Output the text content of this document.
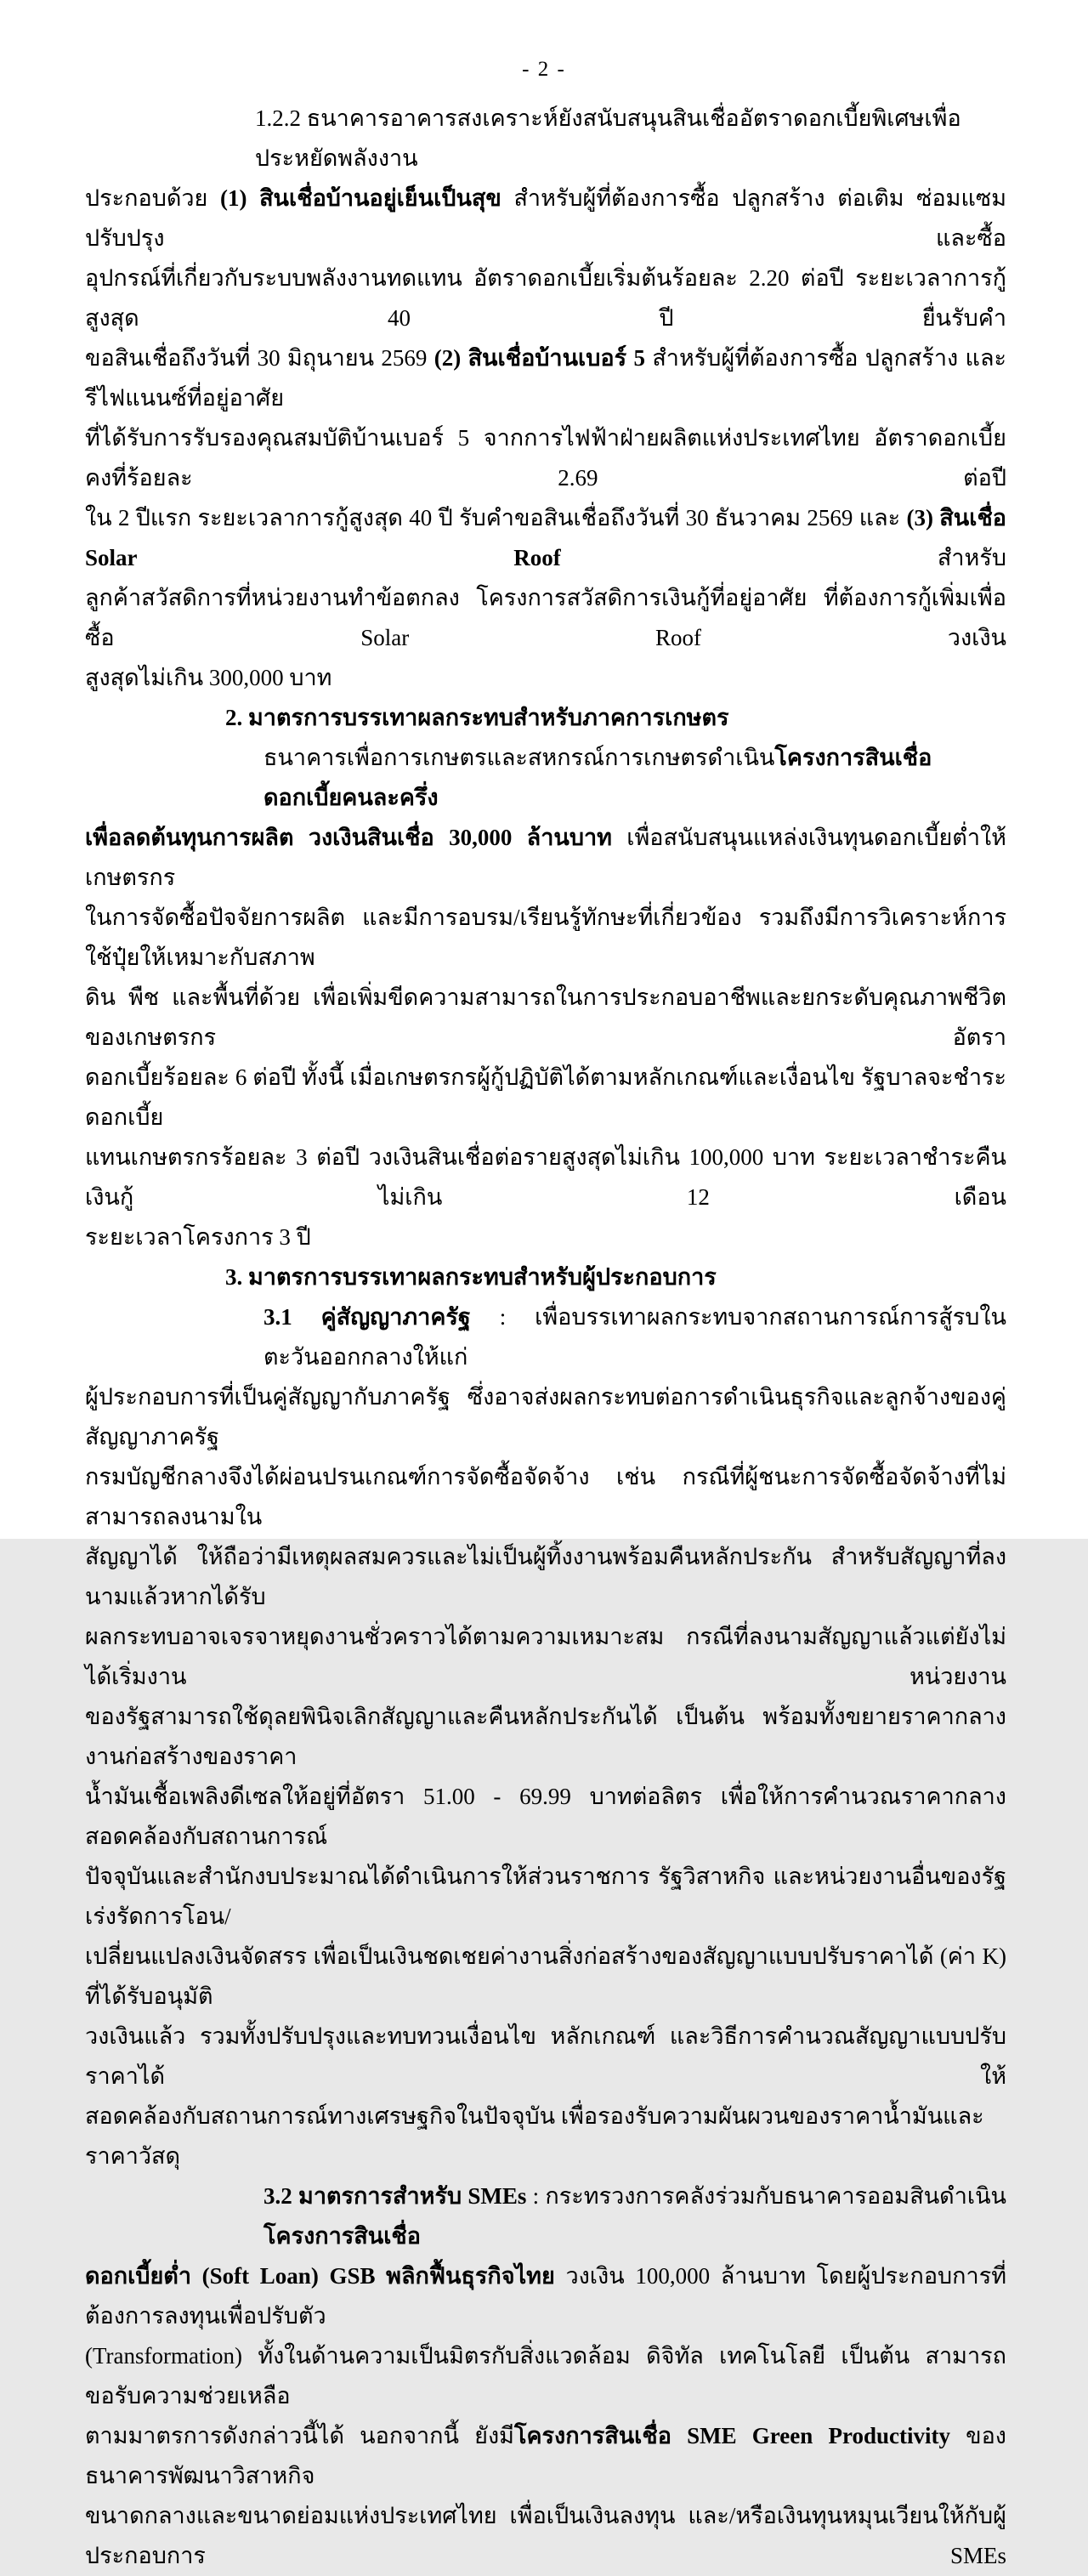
- 2 -
1.2.2 ธนาคารอาคารสงเคราะห์ยังสนับสนุนสินเชื่ออัตราดอกเบี้ยพิเศษเพื่อประหยัดพลังงาน
ประกอบด้วย (1) สินเชื่อบ้านอยู่เย็นเป็นสุข สำหรับผู้ที่ต้องการซื้อ ปลูกสร้าง ต่อเติม ซ่อมแซม ปรับปรุง และซื้อ
อุปกรณ์ที่เกี่ยวกับระบบพลังงานทดแทน อัตราดอกเบี้ยเริ่มต้นร้อยละ 2.20 ต่อปี ระยะเวลาการกู้สูงสุด 40 ปี ยื่นรับคำ
ขอสินเชื่อถึงวันที่ 30 มิถุนายน 2569 (2) สินเชื่อบ้านเบอร์ 5 สำหรับผู้ที่ต้องการซื้อ ปลูกสร้าง และรีไฟแนนซ์ที่อยู่อาศัย
ที่ได้รับการรับรองคุณสมบัติบ้านเบอร์ 5 จากการไฟฟ้าฝ่ายผลิตแห่งประเทศไทย อัตราดอกเบี้ยคงที่ร้อยละ 2.69 ต่อปี
ใน 2 ปีแรก ระยะเวลาการกู้สูงสุด 40 ปี รับคำขอสินเชื่อถึงวันที่ 30 ธันวาคม 2569 และ (3) สินเชื่อ Solar Roof สำหรับ
ลูกค้าสวัสดิการที่หน่วยงานทำข้อตกลง โครงการสวัสดิการเงินกู้ที่อยู่อาศัย ที่ต้องการกู้เพิ่มเพื่อซื้อ Solar Roof วงเงิน
สูงสุดไม่เกิน 300,000 บาท
2. มาตรการบรรเทาผลกระทบสำหรับภาคการเกษตร
ธนาคารเพื่อการเกษตรและสหกรณ์การเกษตรดำเนินโครงการสินเชื่อดอกเบี้ยคนละครึ่ง
เพื่อลดต้นทุนการผลิต วงเงินสินเชื่อ 30,000 ล้านบาท เพื่อสนับสนุนแหล่งเงินทุนดอกเบี้ยต่ำให้เกษตรกร
ในการจัดซื้อปัจจัยการผลิต และมีการอบรม/เรียนรู้ทักษะที่เกี่ยวข้อง รวมถึงมีการวิเคราะห์การใช้ปุ๋ยให้เหมาะกับสภาพ
ดิน พืช และพื้นที่ด้วย เพื่อเพิ่มขีดความสามารถในการประกอบอาชีพและยกระดับคุณภาพชีวิตของเกษตรกร อัตรา
ดอกเบี้ยร้อยละ 6 ต่อปี ทั้งนี้ เมื่อเกษตรกรผู้กู้ปฏิบัติได้ตามหลักเกณฑ์และเงื่อนไข รัฐบาลจะชำระดอกเบี้ย
แทนเกษตรกรร้อยละ 3 ต่อปี วงเงินสินเชื่อต่อรายสูงสุดไม่เกิน 100,000 บาท ระยะเวลาชำระคืนเงินกู้ ไม่เกิน 12 เดือน
ระยะเวลาโครงการ 3 ปี
3. มาตรการบรรเทาผลกระทบสำหรับผู้ประกอบการ
3.1 คู่สัญญาภาครัฐ : เพื่อบรรเทาผลกระทบจากสถานการณ์การสู้รบในตะวันออกกลางให้แก่
ผู้ประกอบการที่เป็นคู่สัญญากับภาครัฐ ซึ่งอาจส่งผลกระทบต่อการดำเนินธุรกิจและลูกจ้างของคู่สัญญาภาครัฐ
กรมบัญชีกลางจึงได้ผ่อนปรนเกณฑ์การจัดซื้อจัดจ้าง เช่น กรณีที่ผู้ชนะการจัดซื้อจัดจ้างที่ไม่สามารถลงนามใน
สัญญาได้ ให้ถือว่ามีเหตุผลสมควรและไม่เป็นผู้ทิ้งงานพร้อมคืนหลักประกัน สำหรับสัญญาที่ลงนามแล้วหากได้รับ
ผลกระทบอาจเจรจาหยุดงานชั่วคราวได้ตามความเหมาะสม กรณีที่ลงนามสัญญาแล้วแต่ยังไม่ได้เริ่มงาน หน่วยงาน
ของรัฐสามารถใช้ดุลยพินิจเลิกสัญญาและคืนหลักประกันได้ เป็นต้น พร้อมทั้งขยายราคากลางงานก่อสร้างของราคา
น้ำมันเชื้อเพลิงดีเซลให้อยู่ที่อัตรา 51.00 - 69.99 บาทต่อลิตร เพื่อให้การคำนวณราคากลางสอดคล้องกับสถานการณ์
ปัจจุบันและสำนักงบประมาณได้ดำเนินการให้ส่วนราชการ รัฐวิสาหกิจ และหน่วยงานอื่นของรัฐ เร่งรัดการโอน/
เปลี่ยนแปลงเงินจัดสรร เพื่อเป็นเงินชดเชยค่างานสิ่งก่อสร้างของสัญญาแบบปรับราคาได้ (ค่า K) ที่ได้รับอนุมัติ
วงเงินแล้ว รวมทั้งปรับปรุงและทบทวนเงื่อนไข หลักเกณฑ์ และวิธีการคำนวณสัญญาแบบปรับราคาได้ ให้
สอดคล้องกับสถานการณ์ทางเศรษฐกิจในปัจจุบัน เพื่อรองรับความผันผวนของราคาน้ำมันและราคาวัสดุ
3.2 มาตรการสำหรับ SMEs : กระทรวงการคลังร่วมกับธนาคารออมสินดำเนินโครงการสินเชื่อ
ดอกเบี้ยต่ำ (Soft Loan) GSB พลิกฟื้นธุรกิจไทย วงเงิน 100,000 ล้านบาท โดยผู้ประกอบการที่ต้องการลงทุนเพื่อปรับตัว
(Transformation) ทั้งในด้านความเป็นมิตรกับสิ่งแวดล้อม ดิจิทัล เทคโนโลยี เป็นต้น สามารถขอรับความช่วยเหลือ
ตามมาตรการดังกล่าวนี้ได้ นอกจากนี้ ยังมีโครงการสินเชื่อ SME Green Productivity ของธนาคารพัฒนาวิสาหกิจ
ขนาดกลางและขนาดย่อมแห่งประเทศไทย เพื่อเป็นเงินลงทุน และ/หรือเงินทุนหมุนเวียนให้กับผู้ประกอบการ SMEs
